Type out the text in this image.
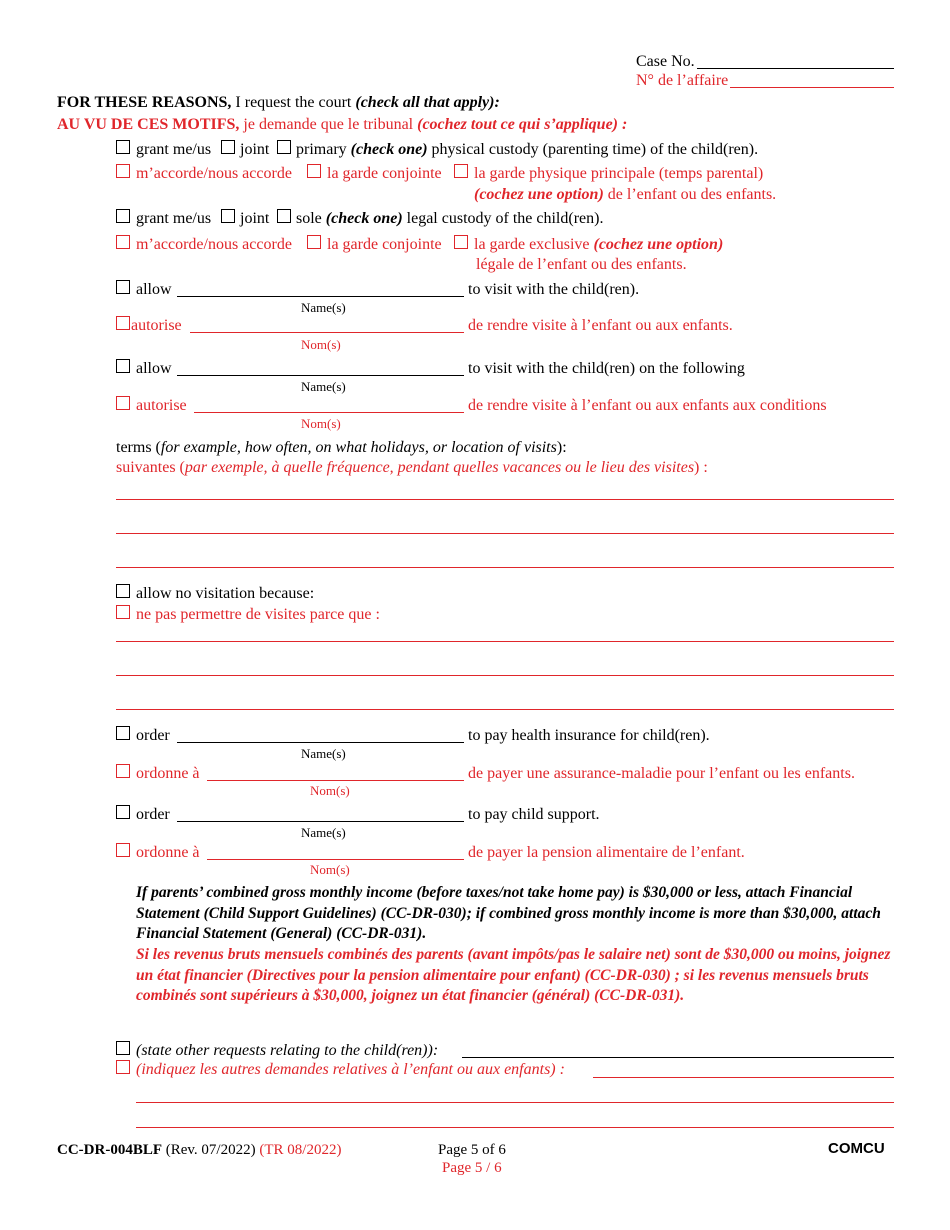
Case No.
N° de l’affaire
FOR THESE REASONS, I request the court (check all that apply):
AU VU DE CES MOTIFS, je demande que le tribunal (cochez tout ce qui s’applique) :
grant me/us joint primary (check one) physical custody (parenting time) of the child(ren).
m’accorde/nous accorde la garde conjointe la garde physique principale (temps parental)
(cochez une option) de l’enfant ou des enfants.
grant me/us joint sole (check one) legal custody of the child(ren).
m’accorde/nous accorde la garde conjointe la garde exclusive (cochez une option)
légale de l’enfant ou des enfants.
allow	to visit with the child(ren).
Name(s)
autorise	de rendre visite à l’enfant ou aux enfants.
Nom(s)
allow	to visit with the child(ren) on the following
Name(s)
autorise	de rendre visite à l’enfant ou aux enfants aux conditions
Nom(s)
terms (for example, how often, on what holidays, or location of visits):
suivantes (par exemple, à quelle fréquence, pendant quelles vacances ou le lieu des visites) :
allow no visitation because:
ne pas permettre de visites parce que :
order	to pay health insurance for child(ren).
Name(s)
ordonne à	de payer une assurance-maladie pour l’enfant ou les enfants.
Nom(s)
order	to pay child support.
Name(s)
ordonne à	de payer la pension alimentaire de l’enfant.
Nom(s)
If parents’ combined gross monthly income (before taxes/not take home pay) is $30,000 or less, attach Financial Statement (Child Support Guidelines) (CC-DR-030); if combined gross monthly income is more than $30,000, attach Financial Statement (General) (CC-DR-031).
Si les revenus bruts mensuels combinés des parents (avant impôts/pas le salaire net) sont de $30,000 ou moins, joignez un état financier (Directives pour la pension alimentaire pour enfant) (CC-DR-030) ; si les revenus mensuels bruts combinés sont supérieurs à $30,000, joignez un état financier (général) (CC-DR-031).
(state other requests relating to the child(ren)):
(indiquez les autres demandes relatives à l’enfant ou aux enfants) :
CC-DR-004BLF (Rev. 07/2022) (TR 08/2022)	Page 5 of 6
Page 5 / 6
COMCU
